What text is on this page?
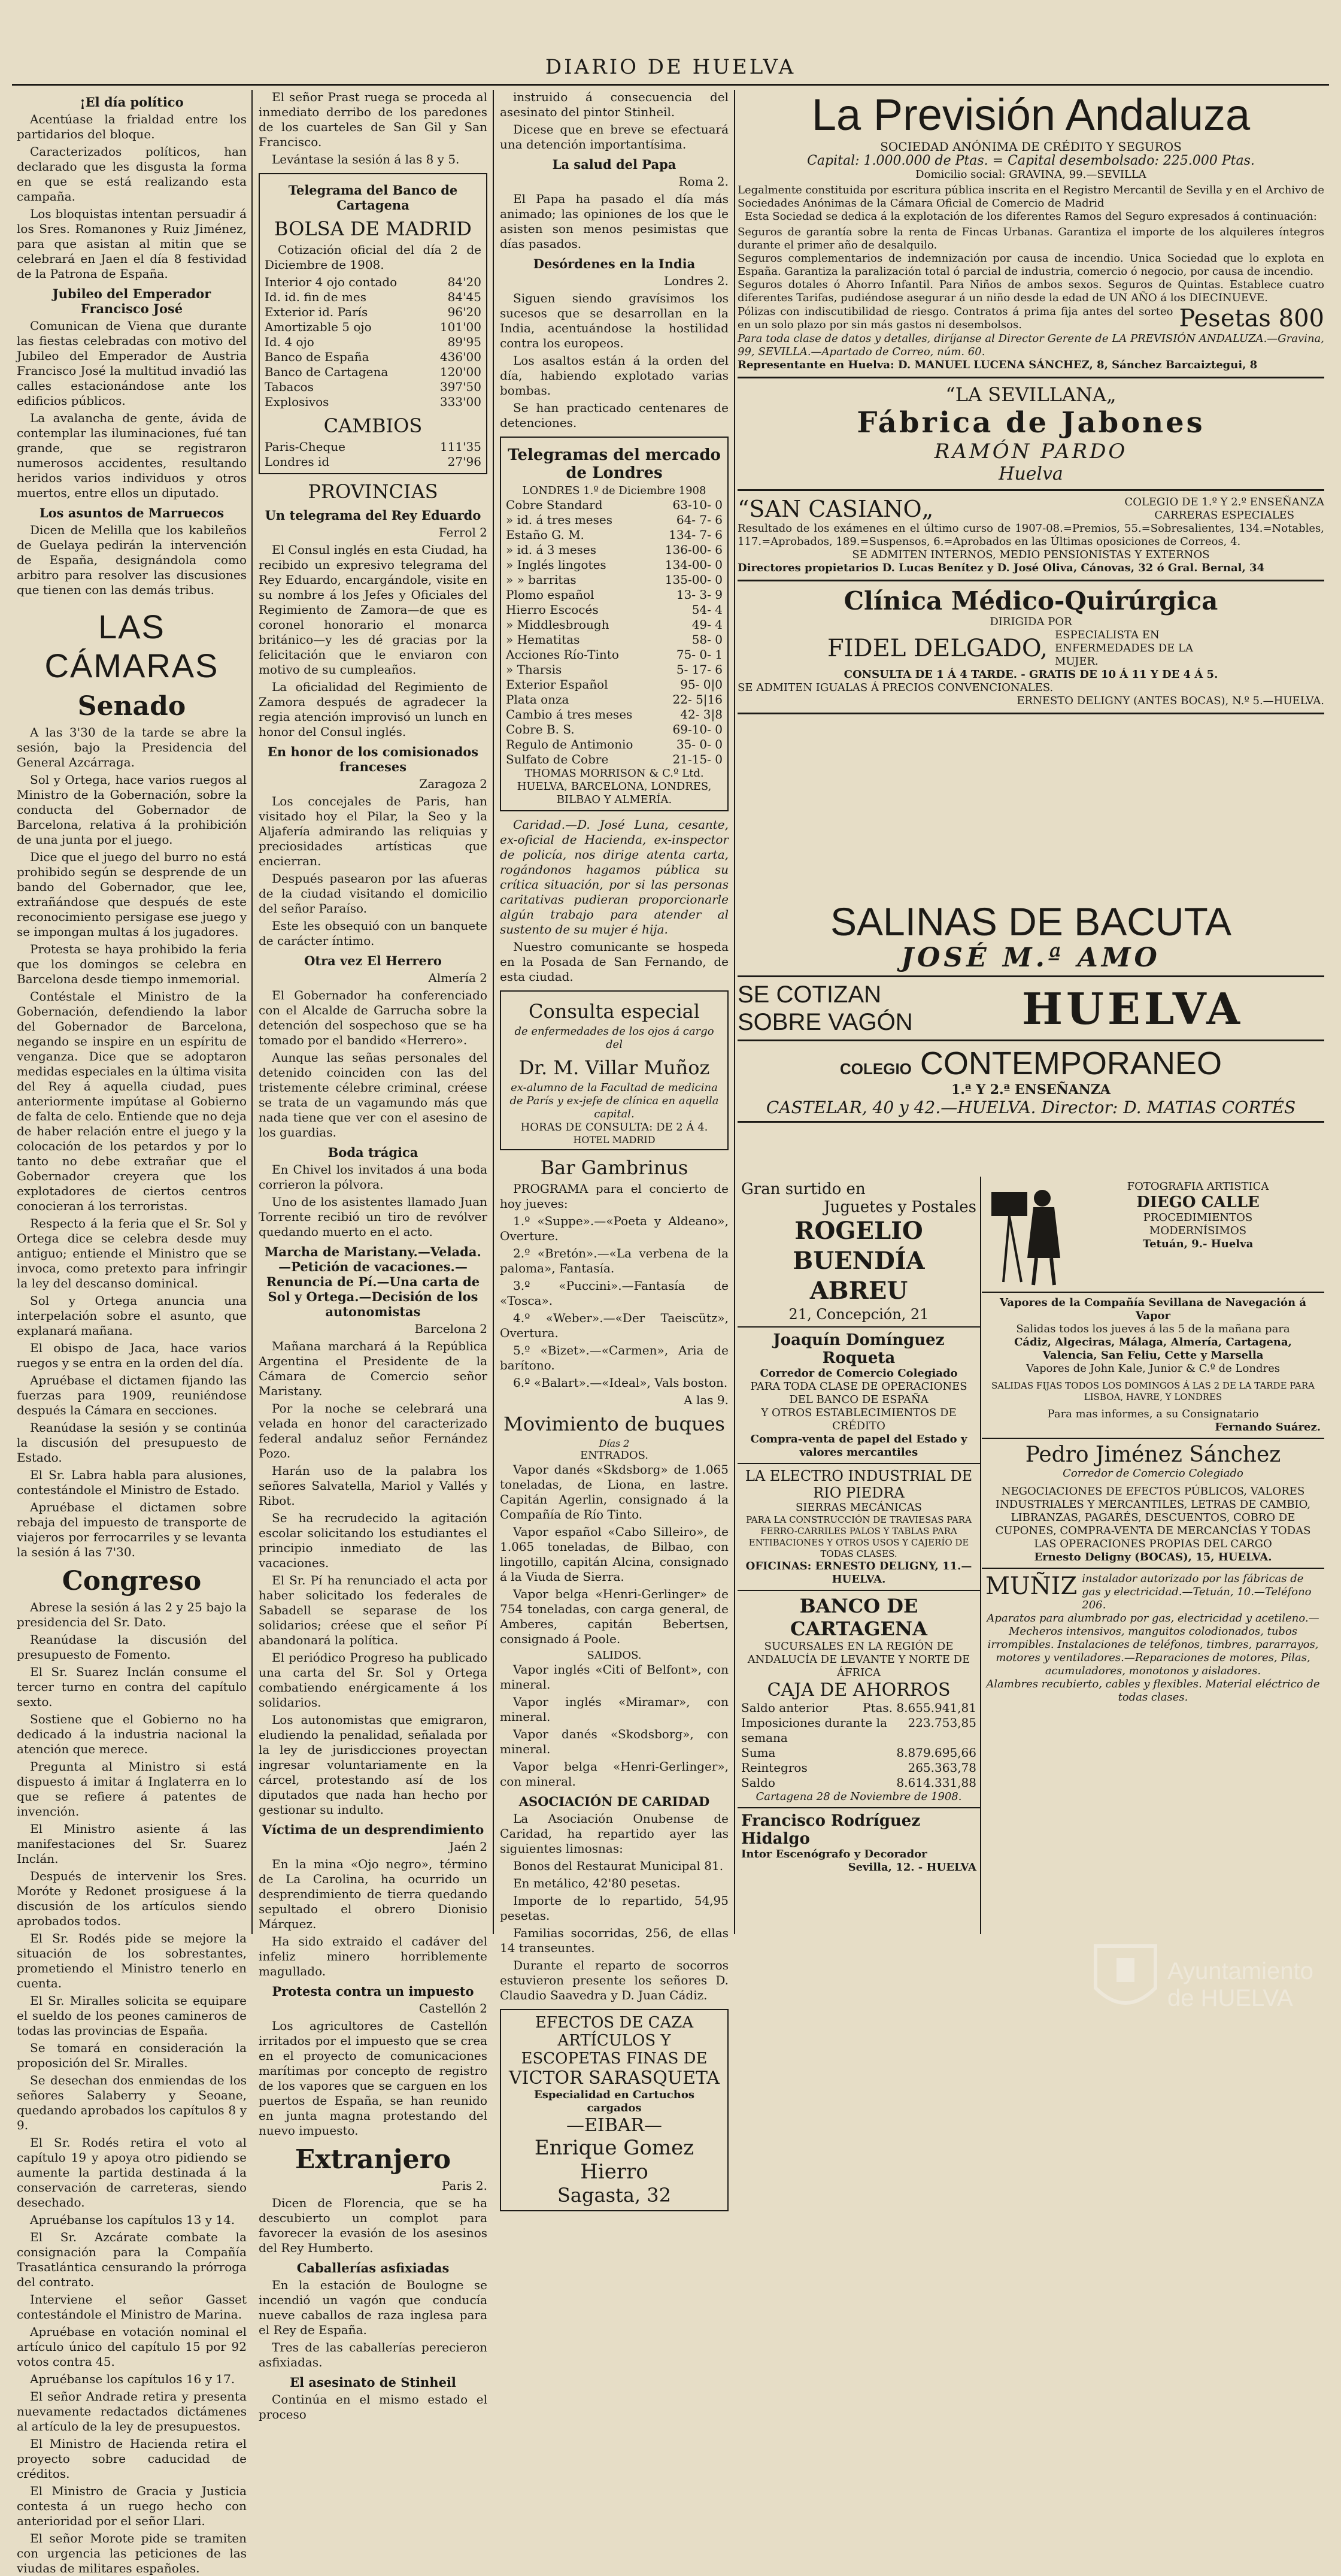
DIARIO DE HUELVA
¡El día político

Acentúase la frialdad entre los partidarios del bloque.

Caracterizados políticos, han declarado que les disgusta la forma en que se está realizando esta campaña.

Los bloquistas intentan persuadir á los Sres. Romanones y Ruiz Jiménez, para que asistan al mitin que se celebrará en Jaen el día 8 festividad de la Patrona de España.

Jubileo del Emperador Francisco José

Comunican de Viena que durante las fiestas celebradas con motivo del Jubileo del Emperador de Austria Francisco José la multitud invadió las calles estacionándose ante los edificios públicos.

La avalancha de gente, ávida de contemplar las iluminaciones, fué tan grande, que se registraron numerosos accidentes, resultando heridos varios individuos y otros muertos, entre ellos un diputado.

Los asuntos de Marruecos

Dicen de Melilla que los kabileños de Guelaya pedirán la intervención de España, designándola como arbitro para resolver las discusiones que tienen con las demás tribus.

LAS CÁMARAS
Senado

A las 3'30 de la tarde se abre la sesión, bajo la Presidencia del General Azcárraga.

Sol y Ortega, hace varios ruegos al Ministro de la Gobernación, sobre la conducta del Gobernador de Barcelona, relativa á la prohibición de una junta por el juego.

Dice que el juego del burro no está prohibido según se desprende de un bando del Gobernador, que lee, extrañándose que después de este reconocimiento persigase ese juego y se impongan multas á los jugadores.

Protesta se haya prohibido la feria que los domingos se celebra en Barcelona desde tiempo inmemorial.

Contéstale el Ministro de la Gobernación, defendiendo la labor del Gobernador de Barcelona, negando se inspire en un espíritu de venganza. Dice que se adoptaron medidas especiales en la última visita del Rey á aquella ciudad, pues anteriormente impútase al Gobierno de falta de celo. Entiende que no deja de haber relación entre el juego y la colocación de los petardos y por lo tanto no debe extrañar que el Gobernador creyera que los explotadores de ciertos centros conocieran á los terroristas.

Respecto á la feria que el Sr. Sol y Ortega dice se celebra desde muy antiguo; entiende el Ministro que se invoca, como pretexto para infringir la ley del descanso dominical.

Sol y Ortega anuncia una interpelación sobre el asunto, que explanará mañana.

El obispo de Jaca, hace varios ruegos y se entra en la orden del día.

Apruébase el dictamen fijando las fuerzas para 1909, reuniéndose después la Cámara en secciones.

Reanúdase la sesión y se continúa la discusión del presupuesto de Estado.

El Sr. Labra habla para alusiones, contestándole el Ministro de Estado.

Apruébase el dictamen sobre rebaja del impuesto de transporte de viajeros por ferrocarriles y se levanta la sesión á las 7'30.

Congreso

Abrese la sesión á las 2 y 25 bajo la presidencia del Sr. Dato.

Reanúdase la discusión del presupuesto de Fomento.

El Sr. Suarez Inclán consume el tercer turno en contra del capítulo sexto.

Sostiene que el Gobierno no ha dedicado á la industria nacional la atención que merece.

Pregunta al Ministro si está dispuesto á imitar á Inglaterra en lo que se refiere á patentes de invención.

El Ministro asiente á las manifestaciones del Sr. Suarez Inclán.

Después de intervenir los Sres. Moróte y Redonet prosiguese á la discusión de los artículos siendo aprobados todos.

El Sr. Rodés pide se mejore la situación de los sobrestantes, prometiendo el Ministro tenerlo en cuenta.

El Sr. Miralles solicita se equipare el sueldo de los peones camineros de todas las provincias de España.

Se tomará en consideración la proposición del Sr. Miralles.

Se desechan dos enmiendas de los señores Salaberry y Seoane, quedando aprobados los capítulos 8 y 9.

El Sr. Rodés retira el voto al capítulo 19 y apoya otro pidiendo se aumente la partida destinada á la conservación de carreteras, siendo desechado.

Apruébanse los capítulos 13 y 14.

El Sr. Azcárate combate la consignación para la Compañía Trasatlántica censurando la prórroga del contrato.

Interviene el señor Gasset contestándole el Ministro de Marina.

Apruébase en votación nominal el artículo único del capítulo 15 por 92 votos contra 45.

Apruébanse los capítulos 16 y 17.

El señor Andrade retira y presenta nuevamente redactados dictámenes al artículo de la ley de presupuestos.

El Ministro de Hacienda retira el proyecto sobre caducidad de créditos.

El Ministro de Gracia y Justicia contesta á un ruego hecho con anterioridad por el señor Llari.

El señor Morote pide se tramiten con urgencia las peticiones de las viudas de militares españoles.

El señor Prast ruega se proceda al inmediato derribo de los paredones de los cuarteles de San Gil y San Francisco.

Levántase la sesión á las 8 y 5.

Telegrama del Banco de Cartagena
BOLSA DE MADRID
Cotización oficial del día 2 de Diciembre de 1908.
Interior 4 ojo contado	84'20
Id. id. fin de mes	84'45
Exterior id. París	96'20
Amortizable 5 ojo	101'00
Id. 4 ojo	89'95
Banco de España	436'00
Banco de Cartagena	120'00
Tabacos	397'50
Explosivos	333'00
CAMBIOS
Paris-Cheque	111'35
Londres id	27'96
PROVINCIAS
Un telegrama del Rey Eduardo
Ferrol 2

El Consul inglés en esta Ciudad, ha recibido un expresivo telegrama del Rey Eduardo, encargándole, visite en su nombre á los Jefes y Oficiales del Regimiento de Zamora—de que es coronel honorario el monarca británico—y les dé gracias por la felicitación que le enviaron con motivo de su cumpleaños.

La oficialidad del Regimiento de Zamora después de agradecer la regia atención improvisó un lunch en honor del Consul inglés.

En honor de los comisionados franceses
Zaragoza 2

Los concejales de Paris, han visitado hoy el Pilar, la Seo y la Aljafería admirando las reliquias y preciosidades artísticas que encierran.

Después pasearon por las afueras de la ciudad visitando el domicilio del señor Paraíso.

Este les obsequió con un banquete de carácter íntimo.

Otra vez El Herrero
Almería 2

El Gobernador ha conferenciado con el Alcalde de Garrucha sobre la detención del sospechoso que se ha tomado por el bandido «Herrero».

Aunque las señas personales del detenido coinciden con las del tristemente célebre criminal, créese se trata de un vagamundo más que nada tiene que ver con el asesino de los guardias.

Boda trágica

En Chivel los invitados á una boda corrieron la pólvora.

Uno de los asistentes llamado Juan Torrente recibió un tiro de revólver quedando muerto en el acto.

Marcha de Maristany.—Velada.—Petición de vacaciones.—Renuncia de Pí.—Una carta de Sol y Ortega.—Decisión de los autonomistas
Barcelona 2

Mañana marchará á la República Argentina el Presidente de la Cámara de Comercio señor Maristany.

Por la noche se celebrará una velada en honor del caracterizado federal andaluz señor Fernández Pozo.

Harán uso de la palabra los señores Salvatella, Mariol y Vallés y Ribot.

Se ha recrudecido la agitación escolar solicitando los estudiantes el principio inmediato de las vacaciones.

El Sr. Pí ha renunciado el acta por haber solicitado los federales de Sabadell se separase de los solidarios; créese que el señor Pí abandonará la política.

El periódico Progreso ha publicado una carta del Sr. Sol y Ortega combatiendo enérgicamente á los solidarios.

Los autonomistas que emigraron, eludiendo la penalidad, señalada por la ley de jurisdicciones proyectan ingresar voluntariamente en la cárcel, protestando así de los diputados que nada han hecho por gestionar su indulto.

Víctima de un desprendimiento
Jaén 2

En la mina «Ojo negro», término de La Carolina, ha ocurrido un desprendimiento de tierra quedando sepultado el obrero Dionisio Márquez.

Ha sido extraido el cadáver del infeliz minero horriblemente magullado.

Protesta contra un impuesto
Castellón 2

Los agricultores de Castellón irritados por el impuesto que se crea en el proyecto de comunicaciones marítimas por concepto de registro de los vapores que se carguen en los puertos de España, se han reunido en junta magna protestando del nuevo impuesto.

Extranjero
Paris 2.

Dicen de Florencia, que se ha descubierto un complot para favorecer la evasión de los asesinos del Rey Humberto.

Caballerías asfixiadas

En la estación de Boulogne se incendió un vagón que conducía nueve caballos de raza inglesa para el Rey de España.

Tres de las caballerías perecieron asfixiadas.

El asesinato de Stinheil

Continúa en el mismo estado el proceso

instruido á consecuencia del asesinato del pintor Stinheil.

Dicese que en breve se efectuará una detención importantísima.

La salud del Papa
Roma 2.

El Papa ha pasado el día más animado; las opiniones de los que le asisten son menos pesimistas que días pasados.

Desórdenes en la India
Londres 2.

Siguen siendo gravísimos los sucesos que se desarrollan en la India, acentuándose la hostilidad contra los europeos.

Los asaltos están á la orden del día, habiendo explotado varias bombas.

Se han practicado centenares de detenciones.

Telegramas del mercado de Londres
LONDRES 1.º de Diciembre 1908
Cobre Standard	63-10- 0
» id. á tres meses	64- 7- 6
Estaño G. M.	134- 7- 6
» id. á 3 meses	136-00- 6
» Inglés lingotes	134-00- 0
» » barritas	135-00- 0
Plomo español	13- 3- 9
Hierro Escocés	54- 4
» Middlesbrough	49- 4
» Hematitas	58- 0
Acciones Río-Tinto	75- 0- 1
» Tharsis	5- 17- 6
Exterior Español	95- 0|0
Plata onza	22- 5|16
Cambio á tres meses	42- 3|8
Cobre B. S.	69-10- 0
Regulo de Antimonio	35- 0- 0
Sulfato de Cobre	21-15- 0
THOMAS MORRISON & C.º Ltd.
HUELVA, BARCELONA, LONDRES, BILBAO Y ALMERÍA.

Caridad.—D. José Luna, cesante, ex-oficial de Hacienda, ex-inspector de policía, nos dirige atenta carta, rogándonos hagamos pública su crítica situación, por si las personas caritativas pudieran proporcionarle algún trabajo para atender al sustento de su mujer é hija.

Nuestro comunicante se hospeda en la Posada de San Fernando, de esta ciudad.

Consulta especial
de enfermedades de los ojos á cargo del
Dr. M. Villar Muñoz
ex-alumno de la Facultad de medicina de París y ex-jefe de clínica en aquella capital.
HORAS DE CONSULTA: DE 2 Á 4.
HOTEL MADRID
Bar Gambrinus
PROGRAMA para el concierto de hoy jueves:
1.º «Suppe».—«Poeta y Aldeano», Overture.
2.º «Bretón».—«La verbena de la paloma», Fantasía.
3.º «Puccini».—Fantasía de «Tosca».
4.º «Weber».—«Der Taeiscütz», Overtura.
5.º «Bizet».—«Carmen», Aria de barítono.
6.º «Balart».—«Ideal», Vals boston.
A las 9.
Movimiento de buques
Días 2
ENTRADOS.

Vapor danés «Skdsborg» de 1.065 toneladas, de Liona, en lastre. Capitán Agerlin, consignado á la Compañía de Río Tinto.

Vapor español «Cabo Silleiro», de 1.065 toneladas, de Bilbao, con lingotillo, capitán Alcina, consignado á la Viuda de Sierra.

Vapor belga «Henri-Gerlinger» de 754 toneladas, con carga general, de Amberes, capitán Bebertsen, consignado á Poole.

SALIDOS.

Vapor inglés «Citi of Belfont», con mineral.

Vapor inglés «Miramar», con mineral.

Vapor danés «Skodsborg», con mineral.

Vapor belga «Henri-Gerlinger», con mineral.

ASOCIACIÓN DE CARIDAD

La Asociación Onubense de Caridad, ha repartido ayer las siguientes limosnas:

Bonos del Restaurat Municipal 81.

En metálico, 42'80 pesetas.

Importe de lo repartido, 54,95 pesetas.

Familias socorridas, 256, de ellas 14 transeuntes.

Durante el reparto de socorros estuvieron presente los señores D. Claudio Saavedra y D. Juan Cádiz.

EFECTOS DE CAZA
ARTÍCULOS Y
ESCOPETAS FINAS DE
VICTOR SARASQUETA
Especialidad en Cartuchos cargados
—EIBAR—
Enrique Gomez Hierro
Sagasta, 32
La Previsión Andaluza
SOCIEDAD ANÓNIMA DE CRÉDITO Y SEGUROS
Capital: 1.000.000 de Ptas. = Capital desembolsado: 225.000 Ptas.
Domicilio social: GRAVINA, 99.—SEVILLA
Legalmente constituida por escritura pública inscrita en el Registro Mercantil de Sevilla y en el Archivo de Sociedades Anónimas de la Cámara Oficial de Comercio de Madrid
Esta Sociedad se dedica á la explotación de los diferentes Ramos del Seguro expresados á continuación:
Seguros de garantía sobre la renta de Fincas Urbanas. Garantiza el importe de los alquileres íntegros durante el primer año de desalquilo.
Seguros complementarios de indemnización por causa de incendio. Unica Sociedad que lo explota en España. Garantiza la paralización total ó parcial de industria, comercio ó negocio, por causa de incendio.
Seguros dotales ó Ahorro Infantil. Para Niños de ambos sexos. Seguros de Quintas. Establece cuatro diferentes Tarifas, pudiéndose asegurar á un niño desde la edad de UN AÑO á los DIECINUEVE.
Pólizas con indiscutibilidad de riesgo. Contratos á prima fija antes del sorteo en un solo plazo por sin más gastos ni desembolsos.	Pesetas 800
Para toda clase de datos y detalles, diríjanse al Director Gerente de LA PREVISIÓN ANDALUZA.—Gravina, 99, SEVILLA.—Apartado de Correo, núm. 60.
Representante en Huelva: D. MANUEL LUCENA SÁNCHEZ, 8, Sánchez Barcaiztegui, 8
“LA SEVILLANA„
Fábrica de Jabones
RAMÓN PARDO
Huelva
“SAN CASIANO„	COLEGIO DE 1.º Y 2.º ENSEÑANZA
CARRERAS ESPECIALES
Resultado de los exámenes en el último curso de 1907-08.=Premios, 55.=Sobresalientes, 134.=Notables, 117.=Aprobados, 189.=Suspensos, 6.=Aprobados en las Últimas oposiciones de Correos, 4.
SE ADMITEN INTERNOS, MEDIO PENSIONISTAS Y EXTERNOS
Directores propietarios D. Lucas Benítez y D. José Oliva, Cánovas, 32 ó Gral. Bernal, 34
Clínica Médico-Quirúrgica
DIRIGIDA POR
FIDEL DELGADO, ESPECIALISTA EN ENFERMEDADES DE LA MUJER.
CONSULTA DE 1 Á 4 TARDE. - GRATIS DE 10 Á 11 Y DE 4 Á 5.
SE ADMITEN IGUALAS Á PRECIOS CONVENCIONALES.
ERNESTO DELIGNY (ANTES BOCAS), N.º 5.—HUELVA.
SALINAS DE BACUTA
JOSÉ M.ª AMO
SE COTIZAN
SOBRE VAGÓN	HUELVA
COLEGIO CONTEMPORANEO
1.ª Y 2.ª ENSEÑANZA
CASTELAR, 40 y 42.—HUELVA. Director: D. MATIAS CORTÉS
Gran surtido en
Juguetes y Postales
ROGELIO BUENDÍA ABREU
21, Concepción, 21
Joaquín Domínguez Roqueta
Corredor de Comercio Colegiado
PARA TODA CLASE DE OPERACIONES DEL BANCO DE ESPAÑA
Y OTROS ESTABLECIMIENTOS DE CRÉDITO
Compra-venta de papel del Estado y valores mercantiles
LA ELECTRO INDUSTRIAL DE RIO PIEDRA
SIERRAS MECÁNICAS
PARA LA CONSTRUCCIÓN DE TRAVIESAS PARA FERRO-CARRILES PALOS Y TABLAS PARA ENTIBACIONES Y OTROS USOS Y CAJERÍO DE TODAS CLASES.
OFICINAS: ERNESTO DELIGNY, 11.—HUELVA.
BANCO DE CARTAGENA
SUCURSALES EN LA REGIÓN DE ANDALUCÍA DE LEVANTE Y NORTE DE ÁFRICA
CAJA DE AHORROS
Saldo anterior	Ptas. 8.655.941,81
Imposiciones durante la semana
223.753,85
Suma	8.879.695,66
Reintegros	265.363,78
Saldo	8.614.331,88
Cartagena 28 de Noviembre de 1908.
Francisco Rodríguez Hidalgo
Intor Escenógrafo y Decorador
Sevilla, 12. - HUELVA
FOTOGRAFIA ARTISTICA
DIEGO CALLE
PROCEDIMIENTOS
MODERNÍSIMOS
Tetuán, 9.- Huelva
Vapores de la Compañía Sevillana de Navegación á Vapor
Salidas todos los jueves á las 5 de la mañana para
Cádiz, Algeciras, Málaga, Almería, Cartagena, Valencia, San Feliu, Cette y Marsella
Vapores de John Kale, Junior & C.º de Londres
SALIDAS FIJAS TODOS LOS DOMINGOS Á LAS 2 DE LA TARDE PARA LISBOA, HAVRE, Y LONDRES
Para mas informes, a su Consignatario
Fernando Suárez.
Pedro Jiménez Sánchez
Corredor de Comercio Colegiado
NEGOCIACIONES DE EFECTOS PÚBLICOS, VALORES INDUSTRIALES Y MERCANTILES, LETRAS DE CAMBIO, LIBRANZAS, PAGARÉS, DESCUENTOS, COBRO DE CUPONES, COMPRA-VENTA DE MERCANCÍAS Y TODAS LAS OPERACIONES PROPIAS DEL CARGO
Ernesto Deligny (BOCAS), 15, HUELVA.
MUÑIZ instalador autorizado por las fábricas de gas y electricidad.—Tetuán, 10.—Teléfono 206.
Aparatos para alumbrado por gas, electricidad y acetileno.—Mecheros intensivos, manguitos colodionados, tubos irrompibles. Instalaciones de teléfonos, timbres, pararrayos, motores y ventiladores.—Reparaciones de motores, Pilas, acumuladores, monotonos y aisladores.
Alambres recubierto, cables y flexibles. Material eléctrico de todas clases.
Ayuntamiento de HUELVA
